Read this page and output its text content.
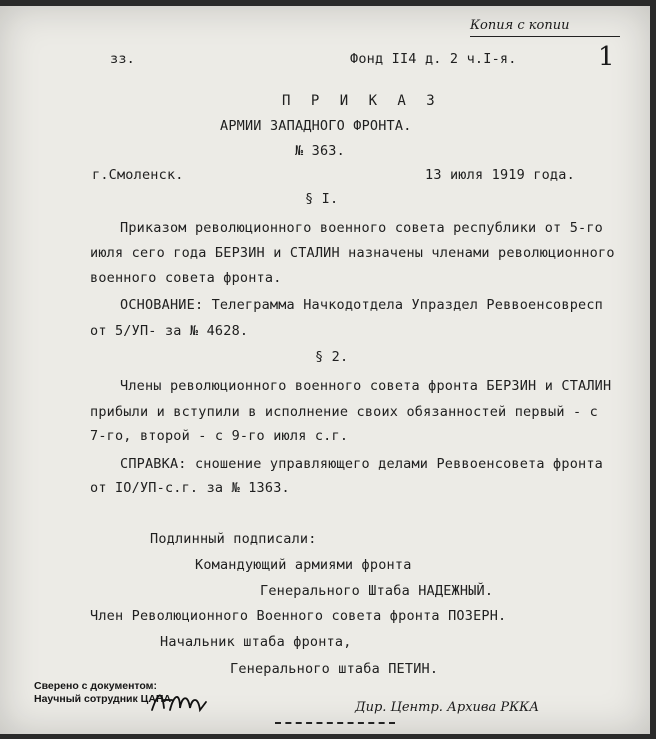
Копия с копии
1
зз.	Фонд II4 д. 2 ч.I-я.
П Р И К А З
АРМИИ ЗАПАДНОГО ФРОНТА.
№ 363.
г.Смоленск.	13 июля 1919 года.
§ I.
Приказом революционного военного совета республики от 5-го
июля сего года БЕРЗИН и СТАЛИН назначены членами революционного
военного совета фронта.
ОСНОВАНИЕ: Телеграмма Начкодотдела Упраздел Реввоенсовресп
от 5/УП- за № 4628.
§ 2.
Члены революционного военного совета фронта БЕРЗИН и СТАЛИН
прибыли и вступили в исполнение своих обязанностей первый - с
7-го, второй - с 9-го июля с.г.
СПРАВКА: сношение управляющего делами Реввоенсовета фронта
от IO/УП-с.г. за № 1363.
Подлинный подписали:
Командующий армиями фронта
Генерального Штаба НАДЕЖНЫЙ.
Член Революционного Военного совета фронта ПОЗЕРН.
Начальник штаба фронта,
Генерального штаба ПЕТИН.
Сверено с документом:
Научный сотрудник ЦАНА
Дир. Центр. Архива РККА
